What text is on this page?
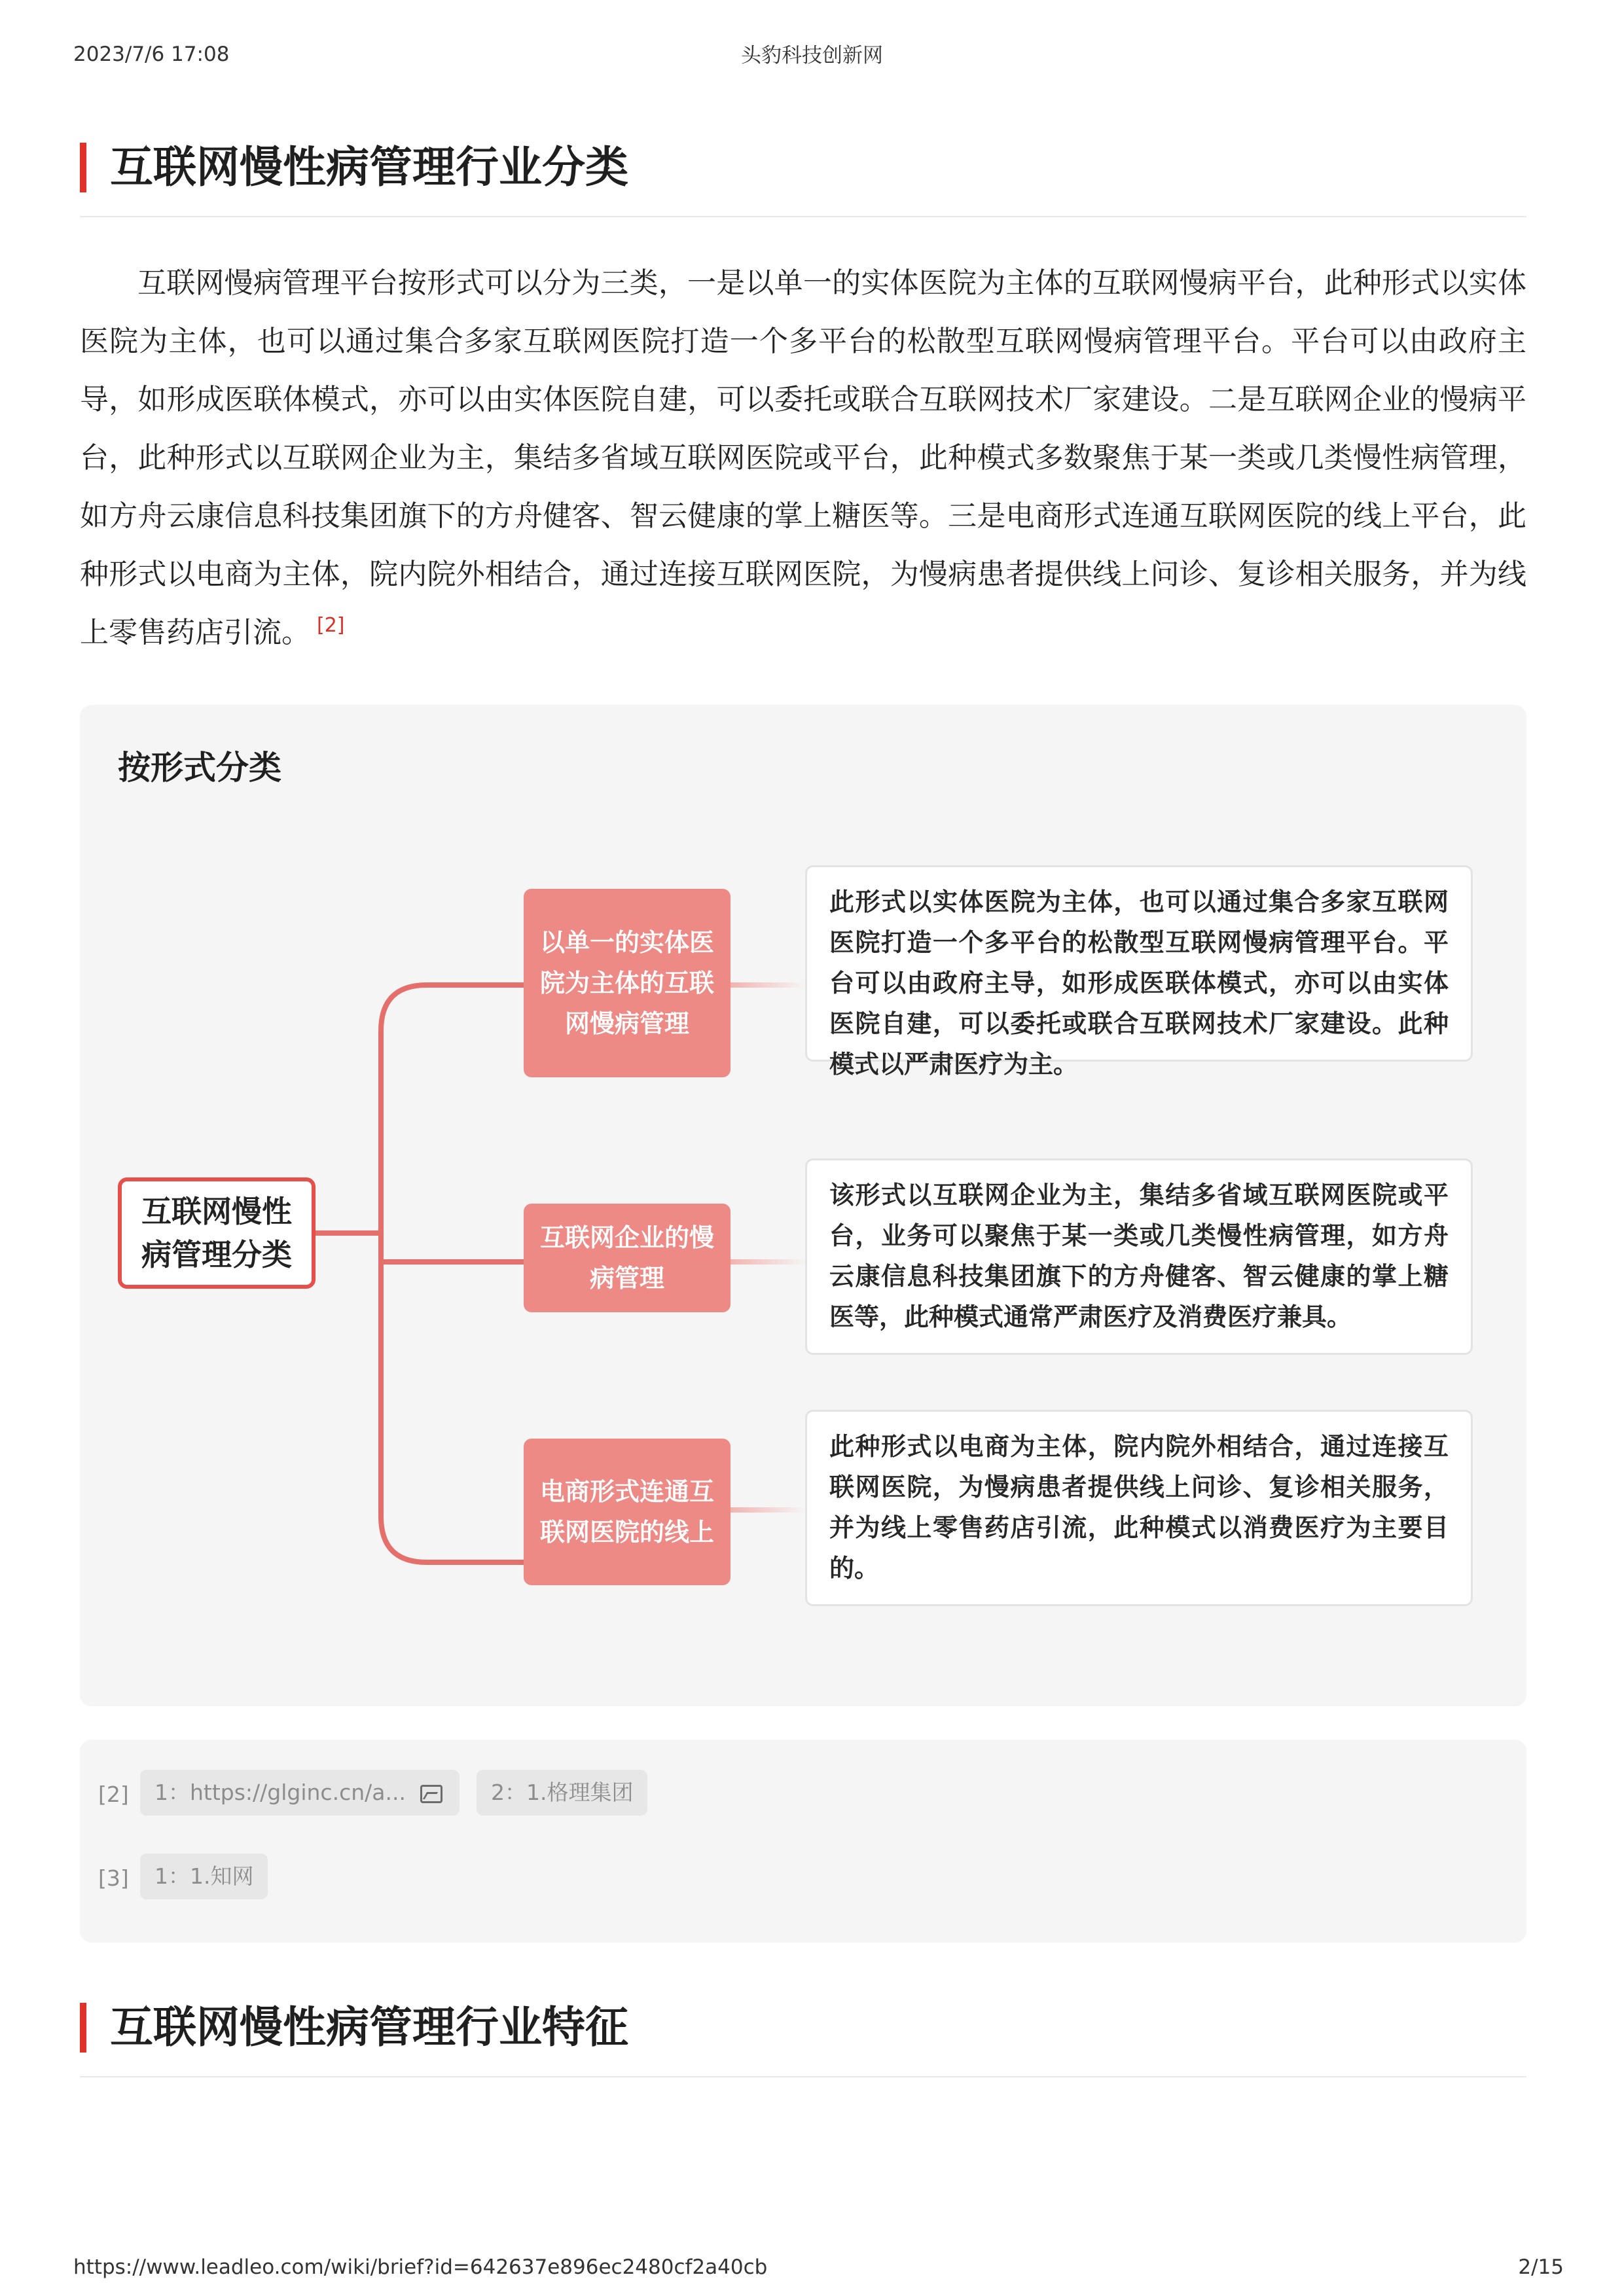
2023/7/6 17:08	头豹科技创新网
互联网慢性病管理行业分类

互联网慢病管理平台按形式可以分为三类，一是以单一的实体医院为主体的互联网慢病平台，此种形式以实体医院为主体，也可以通过集合多家互联网医院打造一个多平台的松散型互联网慢病管理平台。平台可以由政府主导，如形成医联体模式，亦可以由实体医院自建，可以委托或联合互联网技术厂家建设。二是互联网企业的慢病平台，此种形式以互联网企业为主，集结多省域互联网医院或平台，此种模式多数聚焦于某一类或几类慢性病管理，如方舟云康信息科技集团旗下的方舟健客、智云健康的掌上糖医等。三是电商形式连通互联网医院的线上平台，此种形式以电商为主体，院内院外相结合，通过连接互联网医院，为慢病患者提供线上问诊、复诊相关服务，并为线上零售药店引流。 [2]

按形式分类
互联网慢性病管理分类
以单一的实体医院为主体的互联网慢病管理
互联网企业的慢病管理
电商形式连通互联网医院的线上
此形式以实体医院为主体，也可以通过集合多家互联网医院打造一个多平台的松散型互联网慢病管理平台。平台可以由政府主导，如形成医联体模式，亦可以由实体医院自建，可以委托或联合互联网技术厂家建设。此种模式以严肃医疗为主。
该形式以互联网企业为主，集结多省域互联网医院或平台，业务可以聚焦于某一类或几类慢性病管理，如方舟云康信息科技集团旗下的方舟健客、智云健康的掌上糖医等，此种模式通常严肃医疗及消费医疗兼具。
此种形式以电商为主体，院内院外相结合，通过连接互联网医院，为慢病患者提供线上问诊、复诊相关服务，并为线上零售药店引流，此种模式以消费医疗为主要目的。
[2]	1：https://glginc.cn/a...	2：1.格理集团
[3]	1：1.知网
互联网慢性病管理行业特征
https://www.leadleo.com/wiki/brief?id=642637e896ec2480cf2a40cb	2/15
